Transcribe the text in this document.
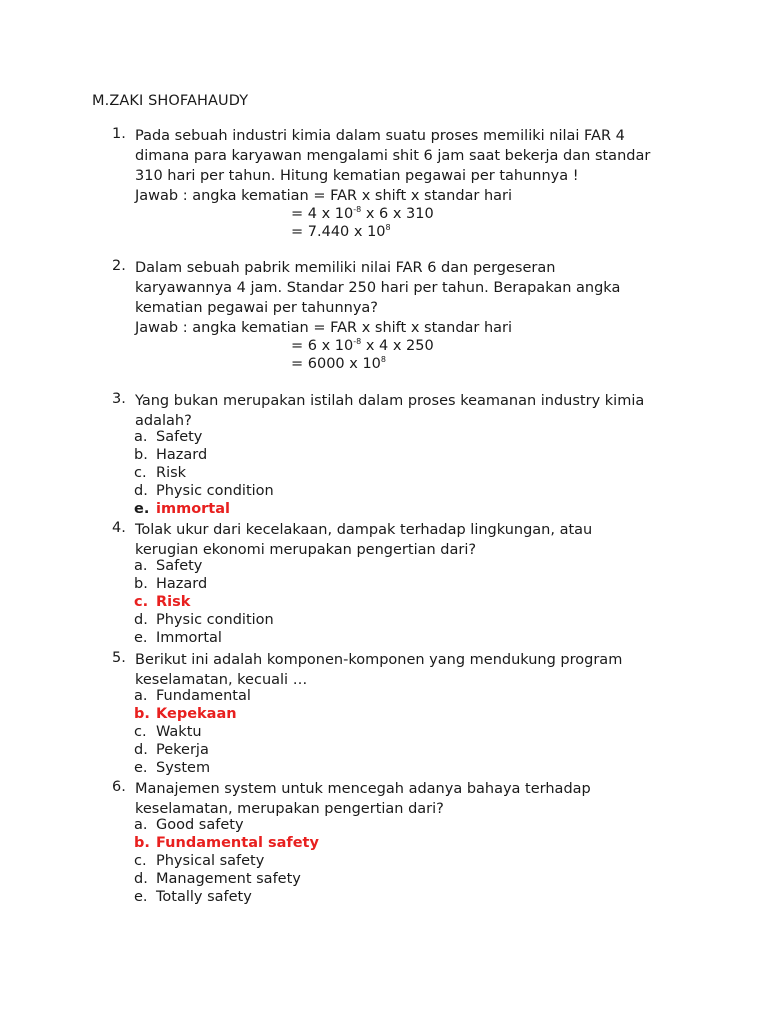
M.ZAKI SHOFAHAUDY
1. Pada sebuah industri kimia dalam suatu proses memiliki nilai FAR 4
dimana para karyawan mengalami shit 6 jam saat bekerja dan standar
310 hari per tahun. Hitung kematian pegawai per tahunnya !
Jawab : angka kematian = FAR x shift x standar hari
= 4 x $10^{-8}$ x 6 x 310
= 7.440 x $10^8$
2. Dalam sebuah pabrik memiliki nilai FAR 6 dan pergeseran
karyawannya 4 jam. Standar 250 hari per tahun. Berapakan angka
kematian pegawai per tahunnya?
Jawab : angka kematian = FAR x shift x standar hari
= 6 x $10^{-8}$ x 4 x 250
= 6000 x $10^8$
3. Yang bukan merupakan istilah dalam proses keamanan industry kimia
adalah?
a. Safety
b. Hazard
c. Risk
d. Physic condition
e. immortal
4. Tolak ukur dari kecelakaan, dampak terhadap lingkungan, atau
kerugian ekonomi merupakan pengertian dari?
a. Safety
b. Hazard
c. Risk
d. Physic condition
e. Immortal
5. Berikut ini adalah komponen-komponen yang mendukung program
keselamatan, kecuali …
a. Fundamental
b. Kepekaan
c. Waktu
d. Pekerja
e. System
6. Manajemen system untuk mencegah adanya bahaya terhadap
keselamatan, merupakan pengertian dari?
a. Good safety
b. Fundamental safety
c. Physical safety
d. Management safety
e. Totally safety
